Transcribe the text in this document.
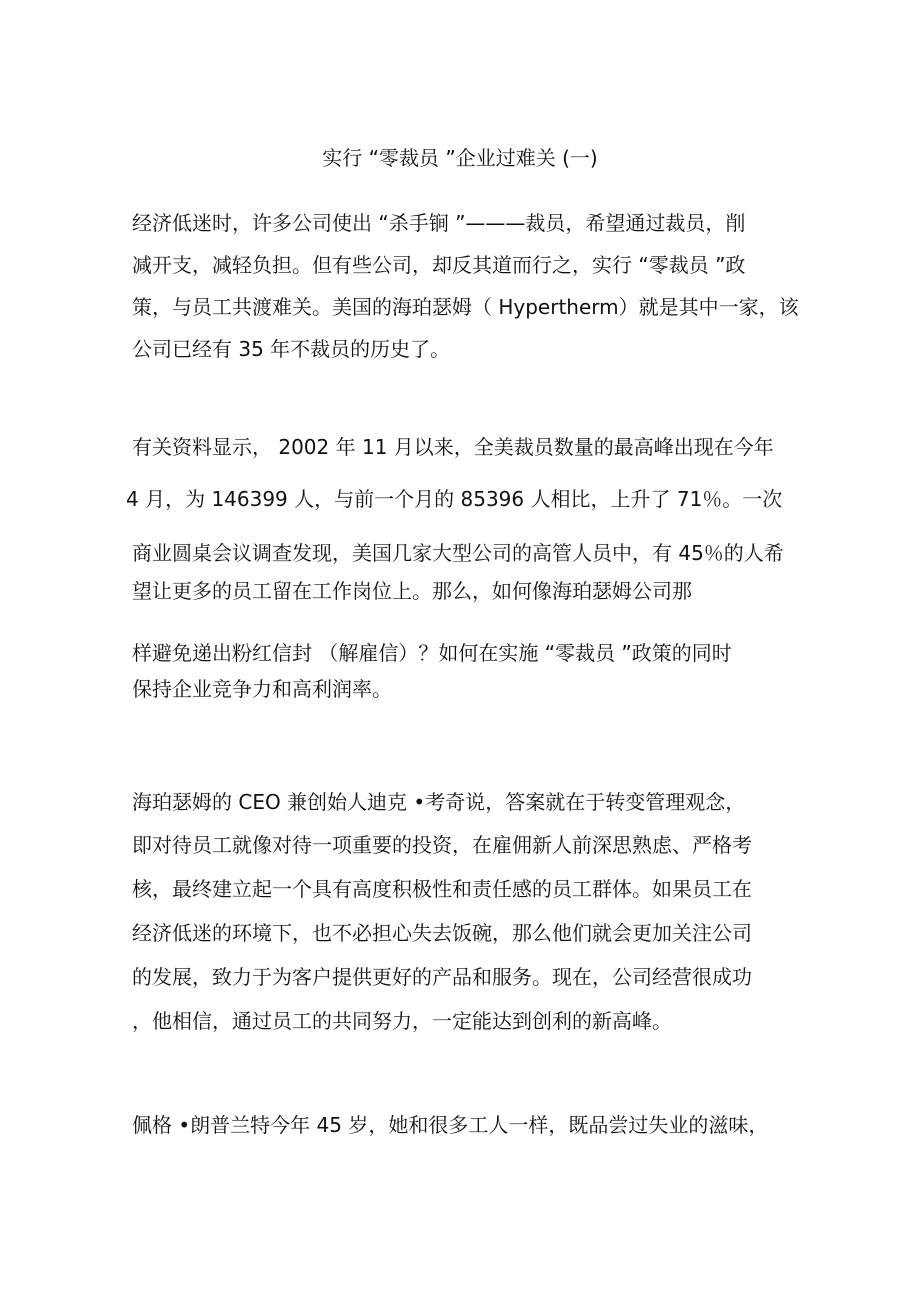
实行 “零裁员 ”企业过难关 (一)
经济低迷时，许多公司使出 “杀手锏 ”———裁员，希望通过裁员，削
减开支，减轻负担。但有些公司，却反其道而行之，实行 “零裁员 ”政
策，与员工共渡难关。美国的海珀瑟姆（ Hypertherm）就是其中一家，该
公司已经有 35 年不裁员的历史了。
有关资料显示， 2002 年 11 月以来，全美裁员数量的最高峰出现在今年
4 月，为 146399 人，与前一个月的 85396 人相比，上升了 71％。一次
商业圆桌会议调查发现，美国几家大型公司的高管人员中，有 45％的人希
望让更多的员工留在工作岗位上。那么，如何像海珀瑟姆公司那
样避免递出粉红信封 （解雇信）？如何在实施 “零裁员 ”政策的同时
保持企业竞争力和高利润率。
海珀瑟姆的 CEO 兼创始人迪克 •考奇说，答案就在于转变管理观念，
即对待员工就像对待一项重要的投资，在雇佣新人前深思熟虑、严格考
核，最终建立起一个具有高度积极性和责任感的员工群体。如果员工在
经济低迷的环境下，也不必担心失去饭碗，那么他们就会更加关注公司
的发展，致力于为客户提供更好的产品和服务。现在，公司经营很成功
，他相信，通过员工的共同努力，一定能达到创利的新高峰。
佩格 •朗普兰特今年 45 岁，她和很多工人一样，既品尝过失业的滋味，
